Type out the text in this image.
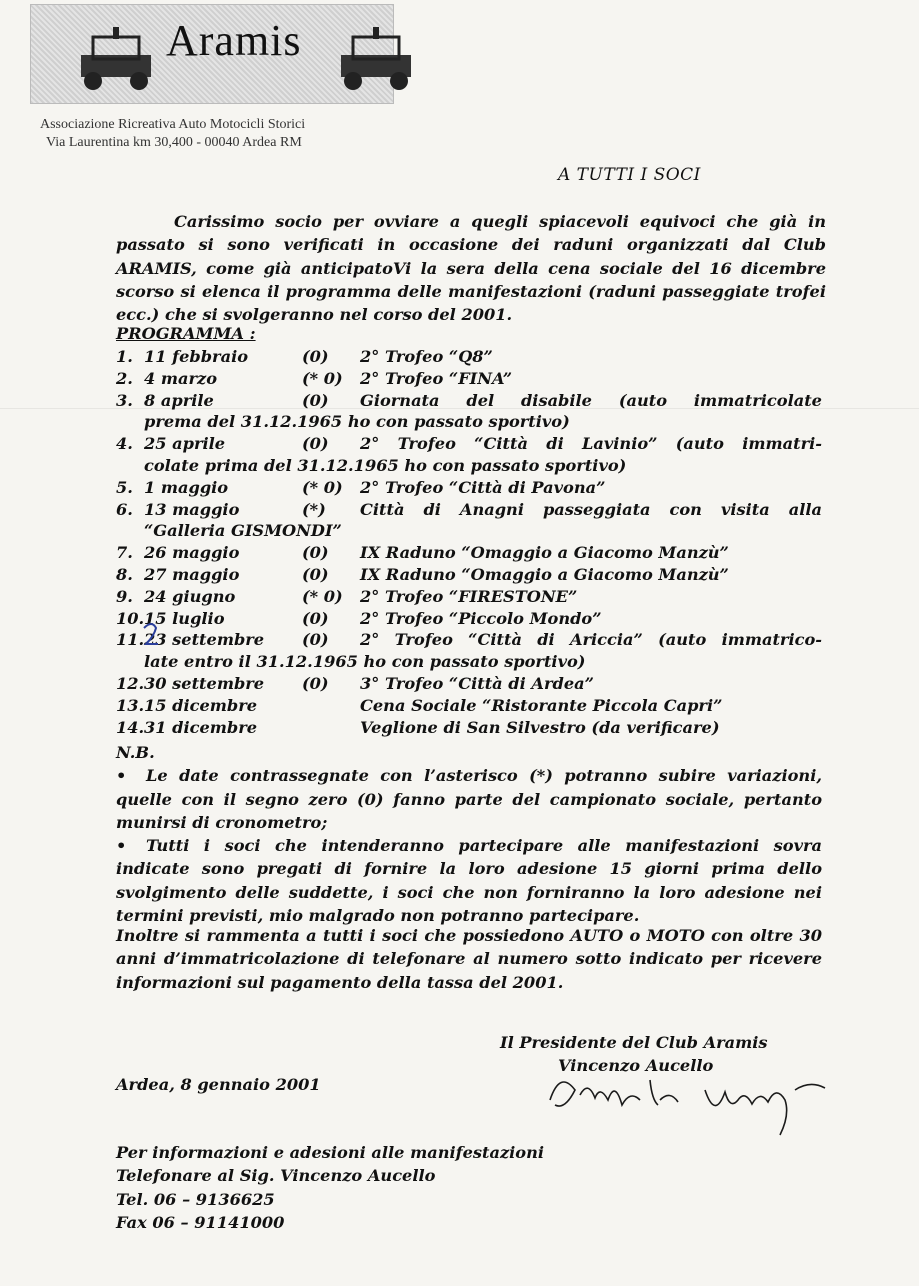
Aramis
Associazione Ricreativa Auto Motocicli Storici
Via Laurentina km 30,400 - 00040 Ardea RM
A TUTTI I SOCI

Carissimo socio per ovviare a quegli spiacevoli equivoci che già in passato si sono verificati in occasione dei raduni organizzati dal Club ARAMIS, come già anticipatoVi la sera della cena sociale del 16 dicembre scorso si elenca il programma delle manifestazioni (raduni passeggiate trofei ecc.) che si svolgeranno nel corso del 2001.

PROGRAMMA :
1. 11 febbraio	(0) 2° Trofeo “Q8”
2. 4 marzo	(* 0) 2° Trofeo “FINA”
3. 8 aprile	(0) Giornata del disabile (auto immatricolate
prema del 31.12.1965 ho con passato sportivo)
4. 25 aprile	(0) 2° Trofeo “Città di Lavinio” (auto immatri-
colate prima del 31.12.1965 ho con passato sportivo)
5. 1 maggio	(* 0) 2° Trofeo “Città di Pavona”
6. 13 maggio	(*) Città di Anagni passeggiata con visita alla
“Galleria GISMONDI”
7. 26 maggio	(0) IX Raduno “Omaggio a Giacomo Manzù”
8. 27 maggio	(0) IX Raduno “Omaggio a Giacomo Manzù”
9. 24 giugno	(* 0) 2° Trofeo “FIRESTONE”
10. 15 luglio	(0) 2° Trofeo “Piccolo Mondo”
11. 23 settembre (0) 2° Trofeo “Città di Ariccia” (auto immatrico-
late entro il 31.12.1965 ho con passato sportivo)
12. 30 settembre (0) 3° Trofeo “Città di Ardea”
13. 15 dicembre	Cena Sociale “Ristorante Piccola Capri”
14. 31 dicembre	Veglione di San Silvestro (da verificare)

N.B.

• Le date contrassegnate con l’asterisco (*) potranno subire variazioni, quelle con il segno zero (0) fanno parte del campionato sociale, pertanto munirsi di cronometro;

• Tutti i soci che intenderanno partecipare alle manifestazioni sovra indicate sono pregati di fornire la loro adesione 15 giorni prima dello svolgimento delle suddette, i soci che non forniranno la loro adesione nei termini previsti, mio malgrado non potranno partecipare.

Inoltre si rammenta a tutti i soci che possiedono AUTO o MOTO con oltre 30 anni d’immatricolazione di telefonare al numero sotto indicato per ricevere informazioni sul pagamento della tassa del 2001.
Il Presidente del Club Aramis
Vincenzo Aucello
Ardea, 8 gennaio 2001
Per informazioni e adesioni alle manifestazioni
Telefonare al Sig. Vincenzo Aucello
Tel. 06 – 9136625
Fax 06 – 91141000
